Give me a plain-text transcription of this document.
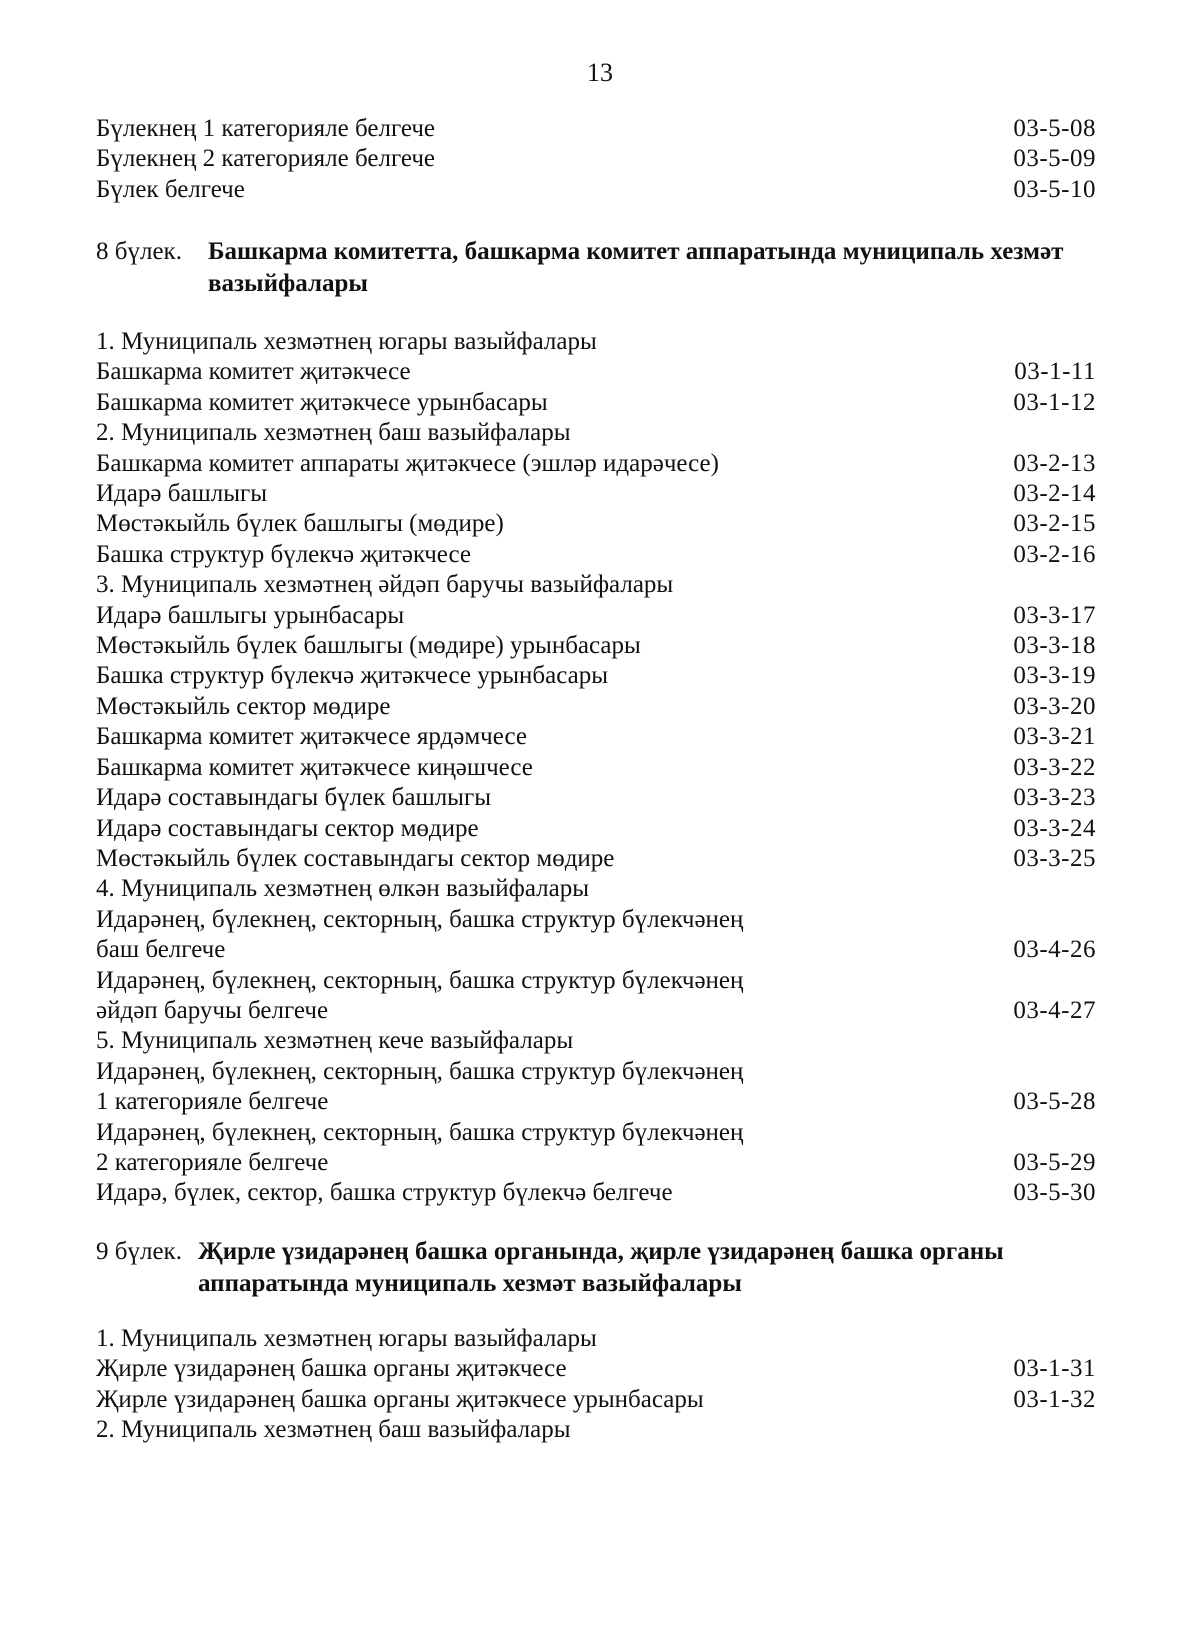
13
Бүлекнең 1 категорияле белгече	03-5-08
Бүлекнең 2 категорияле белгече	03-5-09
Бүлек белгече	03-5-10
8 бүлек.	Башкарма комитетта, башкарма комитет аппаратында муниципаль хезмәт вазыйфалары
1. Муниципаль хезмәтнең югары вазыйфалары
Башкарма комитет җитәкчесе	03-1-11
Башкарма комитет җитәкчесе урынбасары	03-1-12
2. Муниципаль хезмәтнең баш вазыйфалары
Башкарма комитет аппараты җитәкчесе (эшләр идарәчесе)	03-2-13
Идарә башлыгы	03-2-14
Мөстәкыйль бүлек башлыгы (мөдире)	03-2-15
Башка структур бүлекчә җитәкчесе	03-2-16
3. Муниципаль хезмәтнең әйдәп баручы вазыйфалары
Идарә башлыгы урынбасары	03-3-17
Мөстәкыйль бүлек башлыгы (мөдире) урынбасары	03-3-18
Башка структур бүлекчә җитәкчесе урынбасары	03-3-19
Мөстәкыйль сектор мөдире	03-3-20
Башкарма комитет җитәкчесе ярдәмчесе	03-3-21
Башкарма комитет җитәкчесе киңәшчесе	03-3-22
Идарә составындагы бүлек башлыгы	03-3-23
Идарә составындагы сектор мөдире	03-3-24
Мөстәкыйль бүлек составындагы сектор мөдире	03-3-25
4. Муниципаль хезмәтнең өлкән вазыйфалары
Идарәнең, бүлекнең, секторның, башка структур бүлекчәнең
баш белгече	03-4-26
Идарәнең, бүлекнең, секторның, башка структур бүлекчәнең
әйдәп баручы белгече	03-4-27
5. Муниципаль хезмәтнең кече вазыйфалары
Идарәнең, бүлекнең, секторның, башка структур бүлекчәнең
1 категорияле белгече	03-5-28
Идарәнең, бүлекнең, секторның, башка структур бүлекчәнең
2 категорияле белгече	03-5-29
Идарә, бүлек, сектор, башка структур бүлекчә белгече	03-5-30
9 бүлек. Җирле үзидарәнең башка органында, җирле үзидарәнең башка органы аппаратында муниципаль хезмәт вазыйфалары
1. Муниципаль хезмәтнең югары вазыйфалары
Җирле үзидарәнең башка органы җитәкчесе	03-1-31
Җирле үзидарәнең башка органы җитәкчесе урынбасары	03-1-32
2. Муниципаль хезмәтнең баш вазыйфалары
